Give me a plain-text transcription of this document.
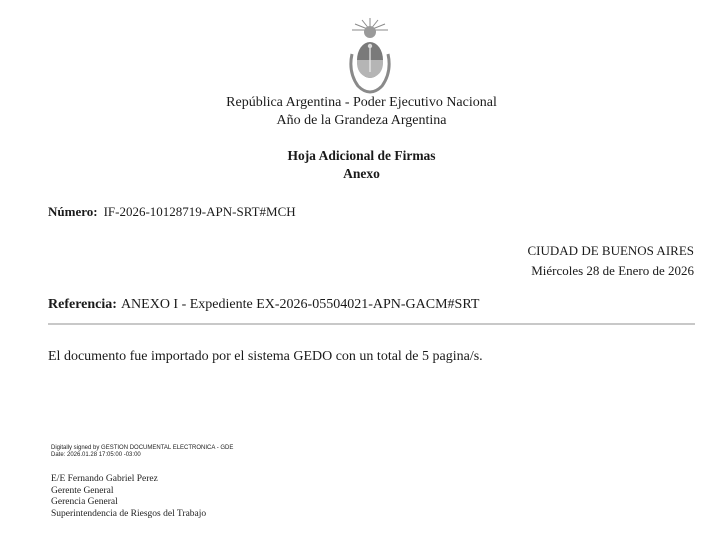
República Argentina - Poder Ejecutivo Nacional
Año de la Grandeza Argentina
Hoja Adicional de Firmas
Anexo
Número: IF-2026-10128719-APN-SRT#MCH
CIUDAD DE BUENOS AIRES
Miércoles 28 de Enero de 2026
Referencia: ANEXO I - Expediente EX-2026-05504021-APN-GACM#SRT
El documento fue importado por el sistema GEDO con un total de 5 pagina/s.
Digitally signed by GESTION DOCUMENTAL ELECTRONICA - GDE
Date: 2026.01.28 17:05:00 -03:00
E/E Fernando Gabriel Perez
Gerente General
Gerencia General
Superintendencia de Riesgos del Trabajo
